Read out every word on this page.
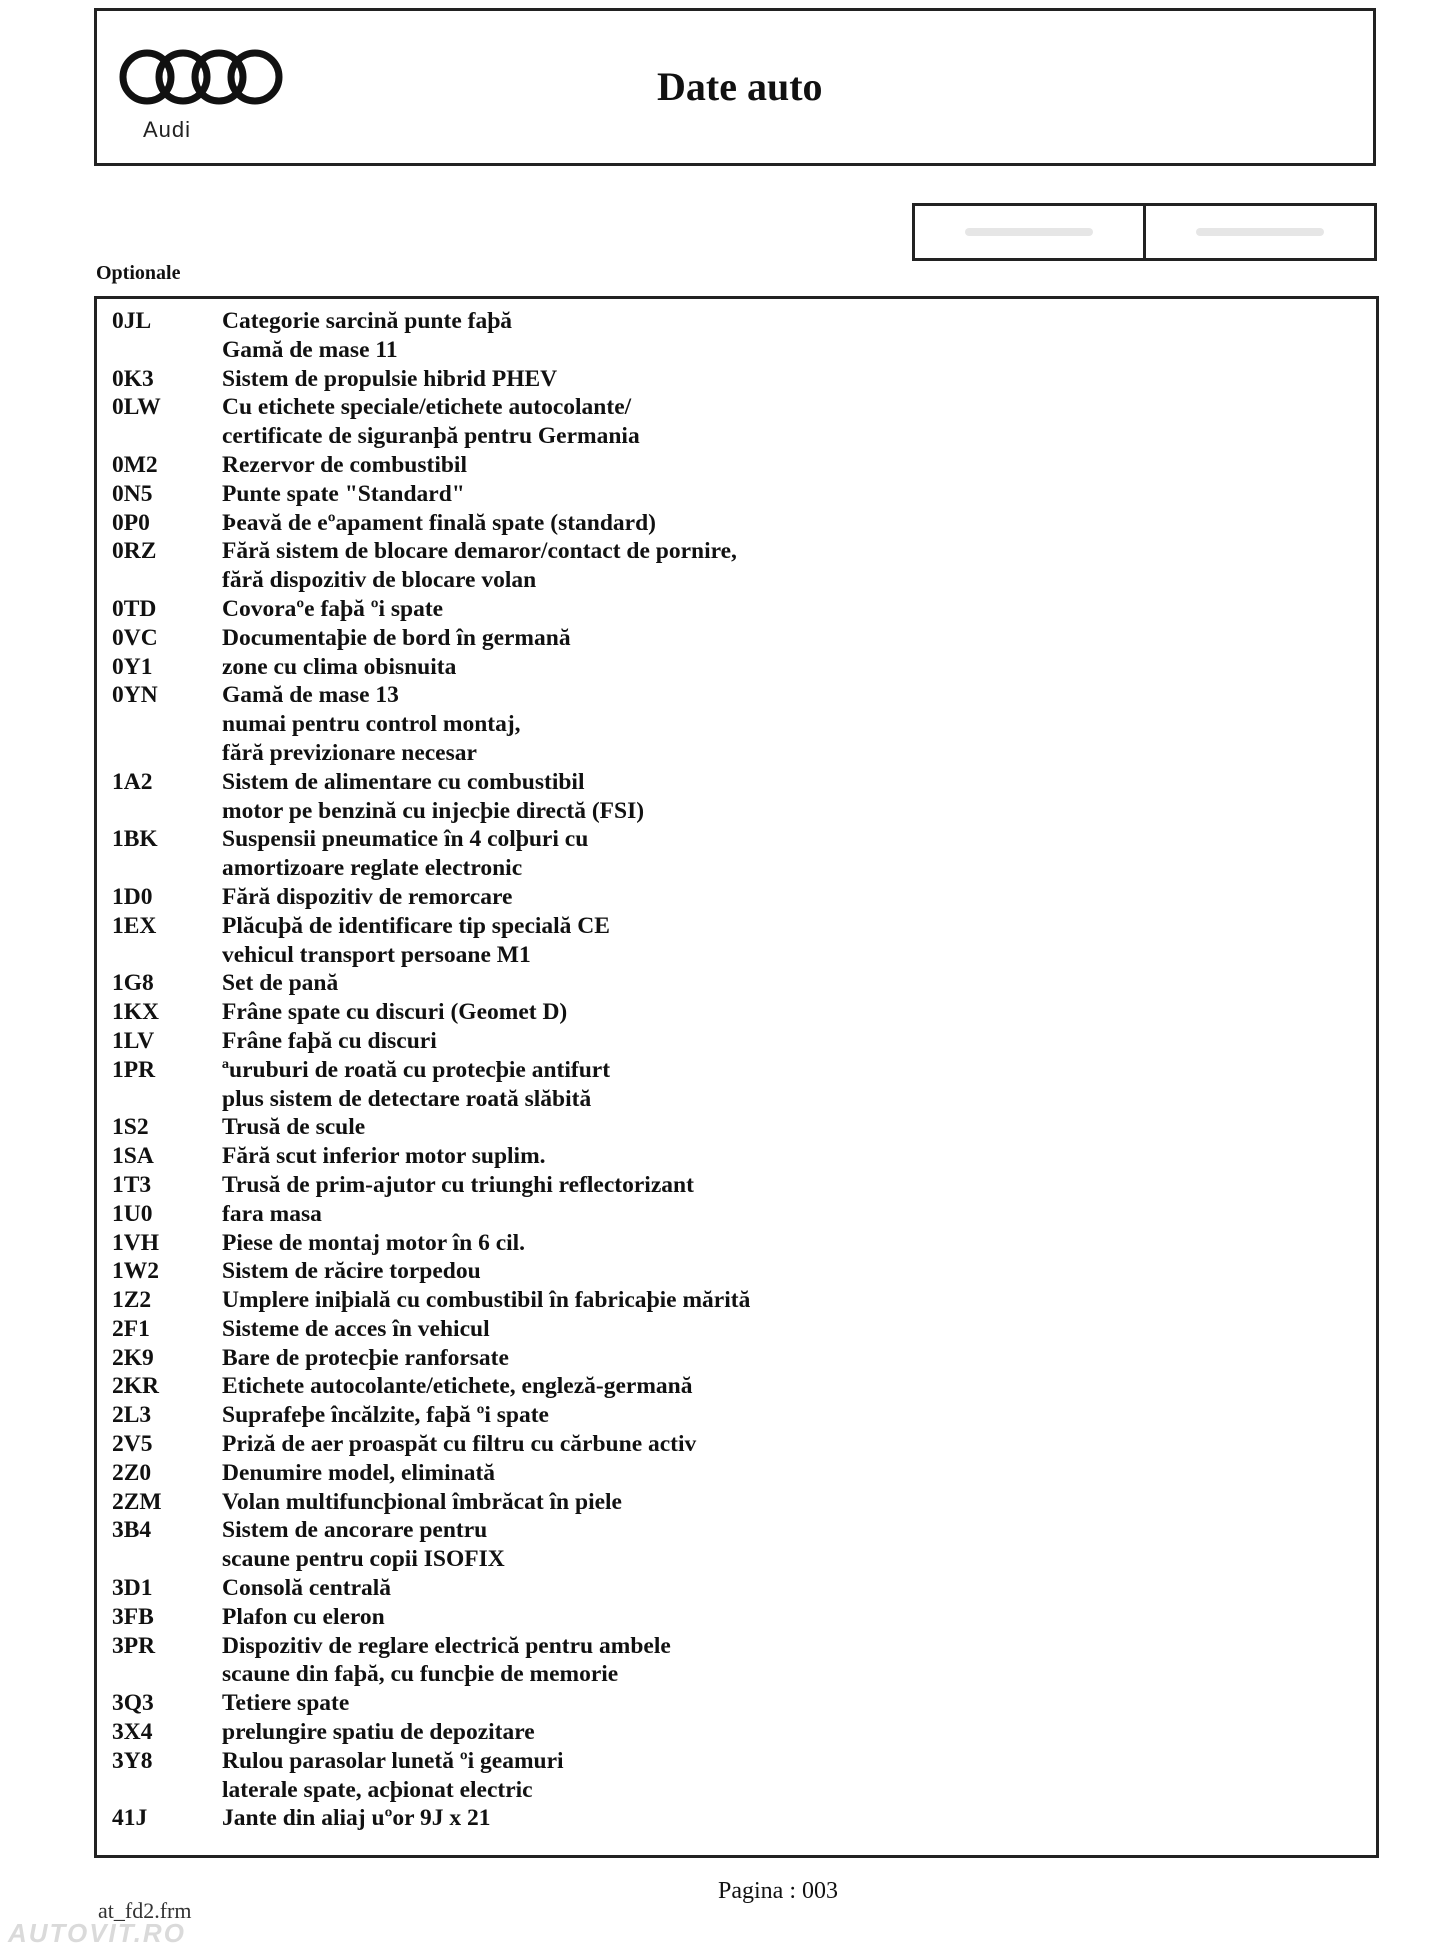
Audi
Date auto
Optionale
0JL	Categorie sarcină punte faþă
Gamă de mase 11
0K3	Sistem de propulsie hibrid PHEV
0LW	Cu etichete speciale/etichete autocolante/
certificate de siguranþă pentru Germania
0M2	Rezervor de combustibil
0N5	Punte spate "Standard"
0P0	Þeavă de eºapament finală spate (standard)
0RZ	Fără sistem de blocare demaror/contact de pornire,
fără dispozitiv de blocare volan
0TD	Covoraºe faþă ºi spate
0VC	Documentaþie de bord în germană
0Y1	zone cu clima obisnuita
0YN	Gamă de mase 13
numai pentru control montaj,
fără previzionare necesar
1A2	Sistem de alimentare cu combustibil
motor pe benzină cu injecþie directă (FSI)
1BK	Suspensii pneumatice în 4 colþuri cu
amortizoare reglate electronic
1D0	Fără dispozitiv de remorcare
1EX	Plăcuþă de identificare tip specială CE
vehicul transport persoane M1
1G8	Set de pană
1KX	Frâne spate cu discuri (Geomet D)
1LV	Frâne faþă cu discuri
1PR	ªuruburi de roată cu protecþie antifurt
plus sistem de detectare roată slăbită
1S2	Trusă de scule
1SA	Fără scut inferior motor suplim.
1T3	Trusă de prim-ajutor cu triunghi reflectorizant
1U0	fara masa
1VH	Piese de montaj motor în 6 cil.
1W2	Sistem de răcire torpedou
1Z2	Umplere iniþială cu combustibil în fabricaþie mărită
2F1	Sisteme de acces în vehicul
2K9	Bare de protecþie ranforsate
2KR	Etichete autocolante/etichete, engleză-germană
2L3	Suprafeþe încălzite, faþă ºi spate
2V5	Priză de aer proaspăt cu filtru cu cărbune activ
2Z0	Denumire model, eliminată
2ZM	Volan multifuncþional îmbrăcat în piele
3B4	Sistem de ancorare pentru
scaune pentru copii ISOFIX
3D1	Consolă centrală
3FB	Plafon cu eleron
3PR	Dispozitiv de reglare electrică pentru ambele
scaune din faþă, cu funcþie de memorie
3Q3	Tetiere spate
3X4	prelungire spatiu de depozitare
3Y8	Rulou parasolar lunetă ºi geamuri
laterale spate, acþionat electric
41J	Jante din aliaj uºor 9J x 21
at_fd2.frm
Pagina : 003
AUTOVIT.RO
